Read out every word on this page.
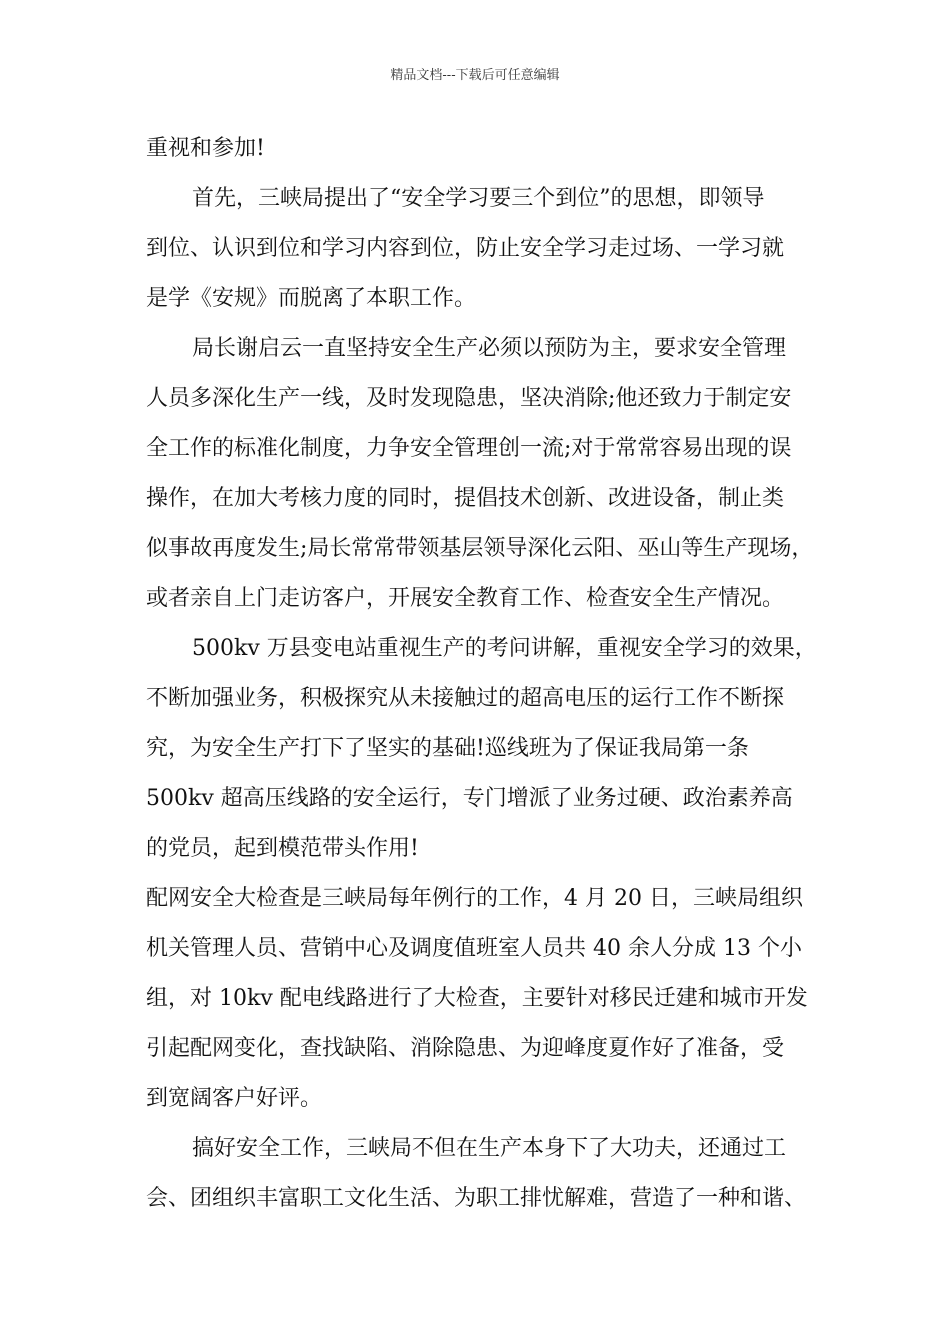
精品文档---下载后可任意编辑
重视和参加!
首先，三峡局提出了“安全学习要三个到位”的思想，即领导
到位、认识到位和学习内容到位，防止安全学习走过场、一学习就
是学《安规》而脱离了本职工作。
局长谢启云一直坚持安全生产必须以预防为主，要求安全管理
人员多深化生产一线，及时发现隐患，坚决消除;他还致力于制定安
全工作的标准化制度，力争安全管理创一流;对于常常容易出现的误
操作，在加大考核力度的同时，提倡技术创新、改进设备，制止类
似事故再度发生;局长常常带领基层领导深化云阳、巫山等生产现场，
或者亲自上门走访客户，开展安全教育工作、检查安全生产情况。
500kv 万县变电站重视生产的考问讲解，重视安全学习的效果，
不断加强业务，积极探究从未接触过的超高电压的运行工作不断探
究，为安全生产打下了坚实的基础!巡线班为了保证我局第一条
500kv 超高压线路的安全运行，专门增派了业务过硬、政治素养高
的党员，起到模范带头作用!
配网安全大检查是三峡局每年例行的工作，4 月 20 日，三峡局组织
机关管理人员、营销中心及调度值班室人员共 40 余人分成 13 个小
组，对 10kv 配电线路进行了大检查，主要针对移民迁建和城市开发
引起配网变化，查找缺陷、消除隐患、为迎峰度夏作好了准备，受
到宽阔客户好评。
搞好安全工作，三峡局不但在生产本身下了大功夫，还通过工
会、团组织丰富职工文化生活、为职工排忧解难，营造了一种和谐、
